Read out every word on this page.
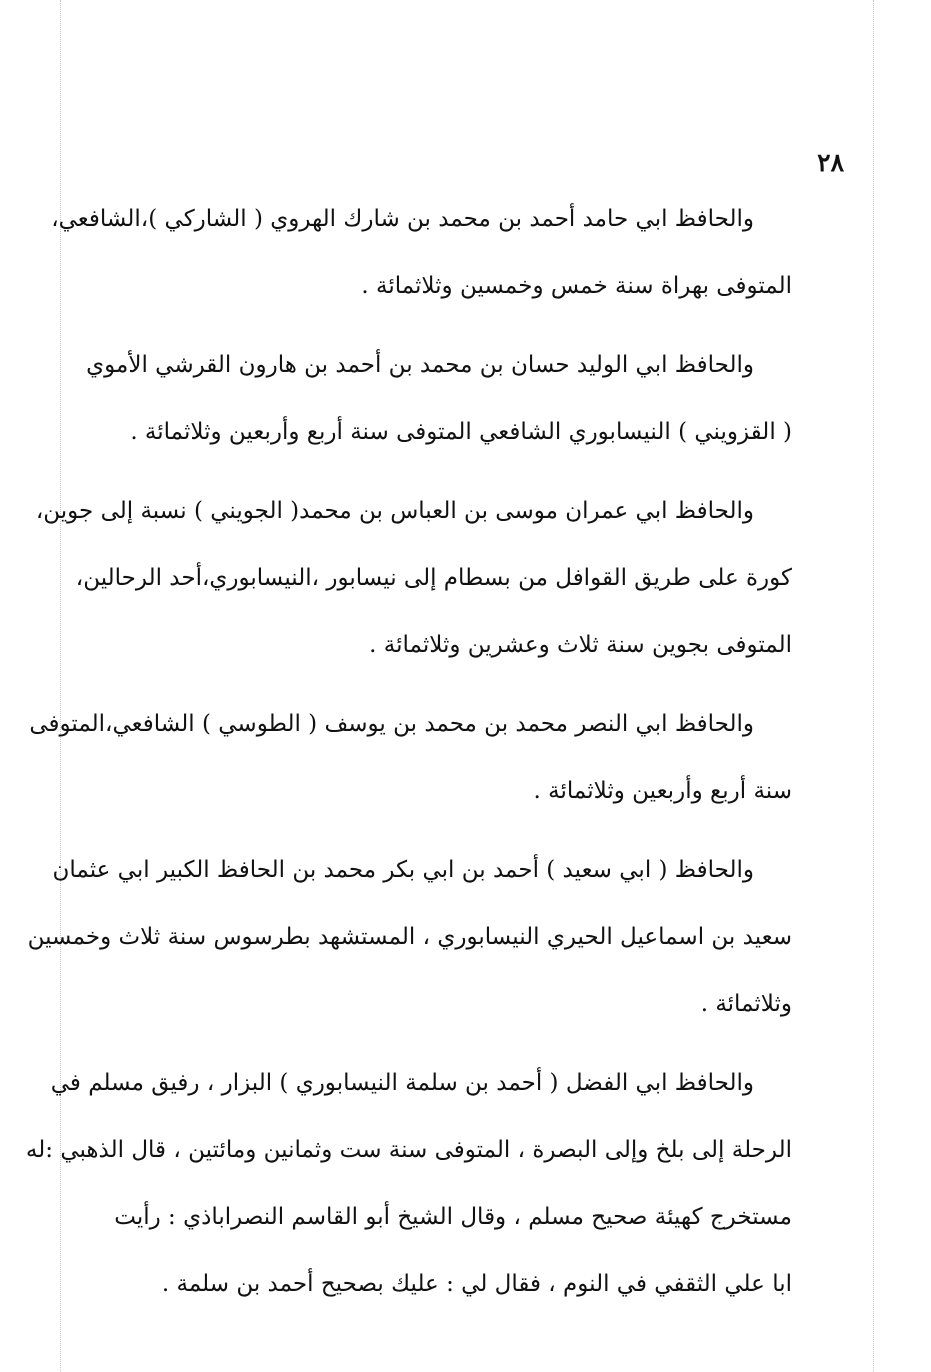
٢٨

والحافظ ابي حامد أحمد بن محمد بن شارك الهروي ( الشاركي )،الشافعي،
المتوفى بهراة سنة خمس وخمسين وثلاثمائة .

والحافظ ابي الوليد حسان بن محمد بن أحمد بن هارون القرشي الأموي
( القزويني ) النيسابوري الشافعي المتوفى سنة أربع وأربعين وثلاثمائة .

والحافظ ابي عمران موسى بن العباس بن محمد( الجويني ) نسبة إلى جوين،
كورة على طريق القوافل من بسطام إلى نيسابور ،النيسابوري،أحد الرحالين،
المتوفى بجوين سنة ثلاث وعشرين وثلاثمائة .

والحافظ ابي النصر محمد بن محمد بن يوسف ( الطوسي ) الشافعي،المتوفى
سنة أربع وأربعين وثلاثمائة .

والحافظ ( ابي سعيد ) أحمد بن ابي بكر محمد بن الحافظ الكبير ابي عثمان
سعيد بن اسماعيل الحيري النيسابوري ، المستشهد بطرسوس سنة ثلاث وخمسين
وثلاثمائة .

والحافظ ابي الفضل ( أحمد بن سلمة النيسابوري ) البزار ، رفيق مسلم في
الرحلة إلى بلخ وإلى البصرة ، المتوفى سنة ست وثمانين ومائتين ، قال الذهبي :له
مستخرج كهيئة صحيح مسلم ، وقال الشيخ أبو القاسم النصراباذي : رأيت
ابا علي الثقفي في النوم ، فقال لي : عليك بصحيح أحمد بن سلمة .
